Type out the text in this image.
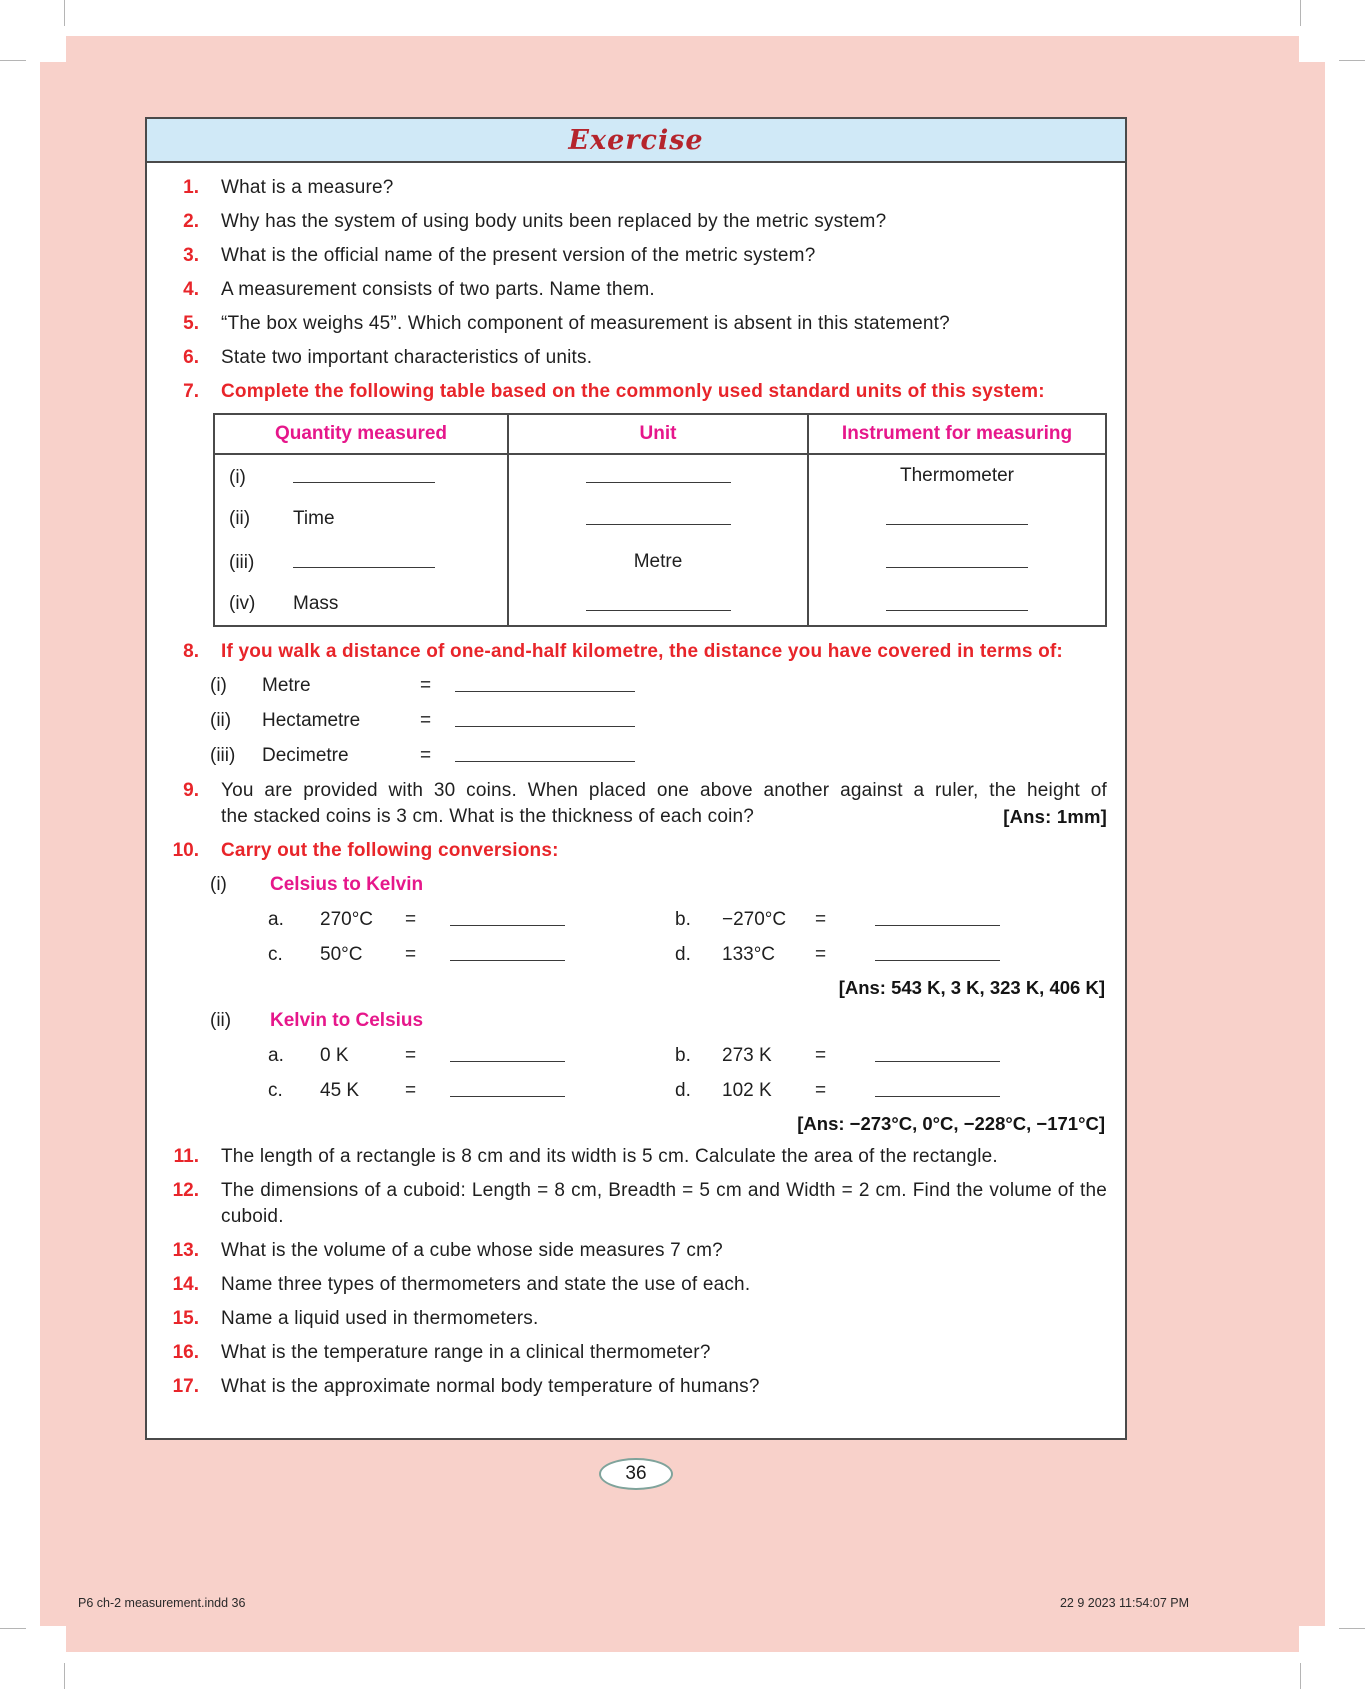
Exercise
1. What is a measure?
2. Why has the system of using body units been replaced by the metric system?
3. What is the official name of the present version of the metric system?
4. A measurement consists of two parts. Name them.
5. “The box weighs 45”. Which component of measurement is absent in this statement?
6. State two important characteristics of units.
7. Complete the following table based on the commonly used standard units of this system:
Quantity measured	Unit	Instrument for measuring
(i)		Thermometer
(ii) Time		
(iii)	Metre	
(iv) Mass		
8. If you walk a distance of one-and-half kilometre, the distance you have covered in terms of:
(i)	Metre	=
(ii)	Hectametre	=
(iii)	Decimetre	=
9. You are provided with 30 coins. When placed one above another against a ruler, the height of
the stacked coins is 3 cm. What is the thickness of each coin?	[Ans: 1mm]
10. Carry out the following conversions:
(i)	Celsius to Kelvin
a.	270°C	=	b.	−270°C	=
c.	50°C	=	d.	133°C	=
[Ans: 543 K, 3 K, 323 K, 406 K]
(ii)	Kelvin to Celsius
a.	0 K	=	b.	273 K	=
c.	45 K	=	d.	102 K	=
[Ans: −273°C, 0°C, −228°C, −171°C]
11. The length of a rectangle is 8 cm and its width is 5 cm. Calculate the area of the rectangle.
12. The dimensions of a cuboid: Length = 8 cm, Breadth = 5 cm and Width = 2 cm. Find the volume of the cuboid.
13. What is the volume of a cube whose side measures 7 cm?
14. Name three types of thermometers and state the use of each.
15. Name a liquid used in thermometers.
16. What is the temperature range in a clinical thermometer?
17. What is the approximate normal body temperature of humans?
36
P6 ch-2 measurement.indd 36	22 9 2023 11:54:07 PM
